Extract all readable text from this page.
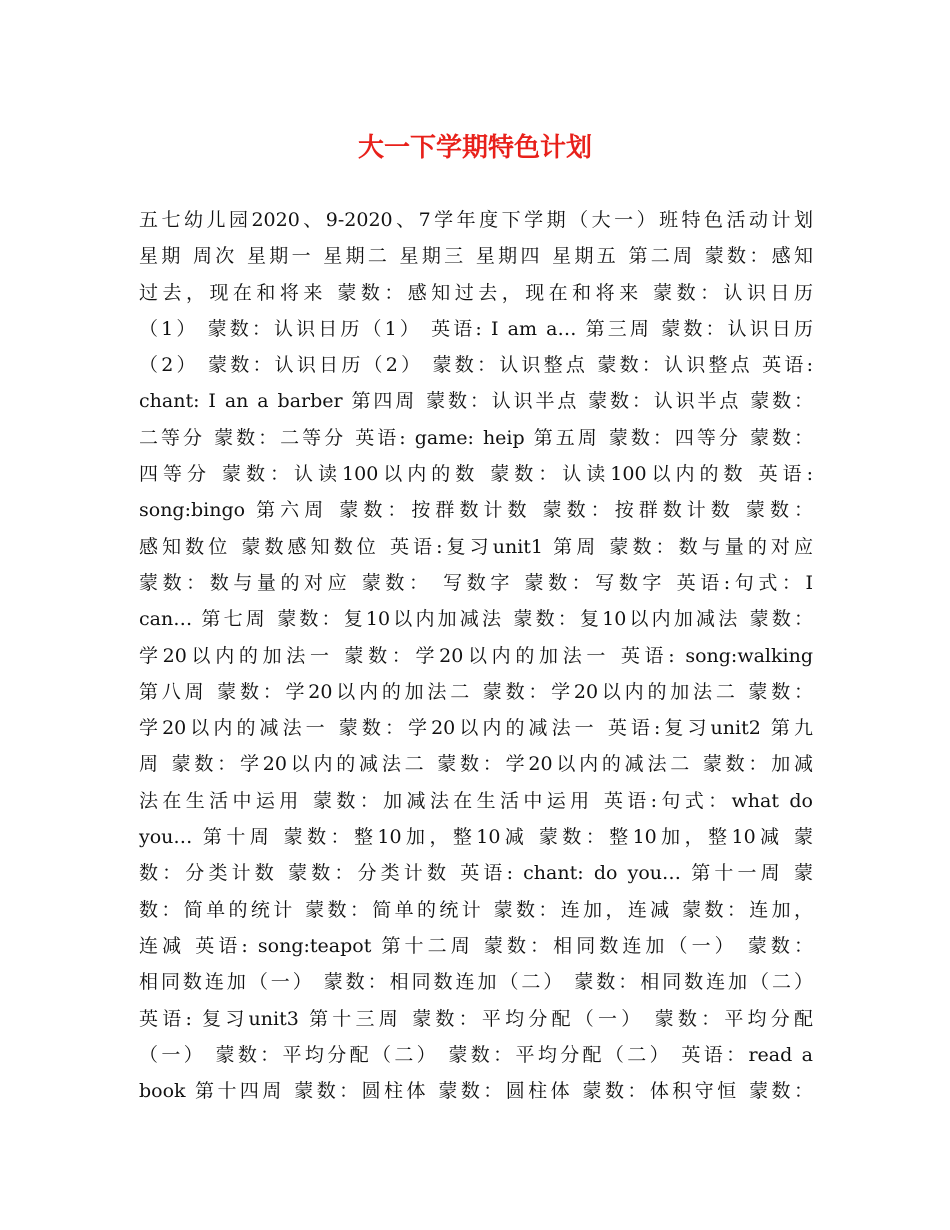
大一下学期特色计划
五七幼儿园2020、9-2020、7学年度下学期（大一）班特色活动计划
星期 周次 星期一 星期二 星期三 星期四 星期五 第二周 蒙数：感知
过去，现在和将来 蒙数：感知过去，现在和将来 蒙数：认识日历
（1） 蒙数：认识日历（1） 英语: I am a… 第三周 蒙数：认识日历
（2） 蒙数：认识日历（2） 蒙数：认识整点 蒙数：认识整点 英语:
chant: I an a barber 第四周 蒙数：认识半点 蒙数：认识半点 蒙数：
二等分 蒙数：二等分 英语: game: heip 第五周 蒙数：四等分 蒙数：
四等分 蒙数：认读100以内的数 蒙数：认读100以内的数 英语:
song:bingo 第六周 蒙数：按群数计数 蒙数：按群数计数 蒙数：
感知数位 蒙数感知数位 英语:复习unit1 第周 蒙数：数与量的对应
蒙数：数与量的对应 蒙数： 写数字 蒙数：写数字 英语:句式：I
can… 第七周 蒙数：复10以内加减法 蒙数：复10以内加减法 蒙数：
学20以内的加法一 蒙数：学20以内的加法一 英语: song:walking
第八周 蒙数：学20以内的加法二 蒙数：学20以内的加法二 蒙数：
学20以内的减法一 蒙数：学20以内的减法一 英语:复习unit2 第九
周 蒙数：学20以内的减法二 蒙数：学20以内的减法二 蒙数：加减
法在生活中运用 蒙数：加减法在生活中运用 英语:句式：what do
you… 第十周 蒙数：整10加，整10减 蒙数：整10加，整10减 蒙
数：分类计数 蒙数：分类计数 英语: chant: do you… 第十一周 蒙
数：简单的统计 蒙数：简单的统计 蒙数：连加，连减 蒙数：连加，
连减 英语: song:teapot 第十二周 蒙数：相同数连加（一） 蒙数：
相同数连加（一） 蒙数：相同数连加（二） 蒙数：相同数连加（二）
英语: 复习unit3 第十三周 蒙数：平均分配（一） 蒙数：平均分配
（一） 蒙数：平均分配（二） 蒙数：平均分配（二） 英语：read a
book 第十四周 蒙数：圆柱体 蒙数：圆柱体 蒙数：体积守恒 蒙数：
